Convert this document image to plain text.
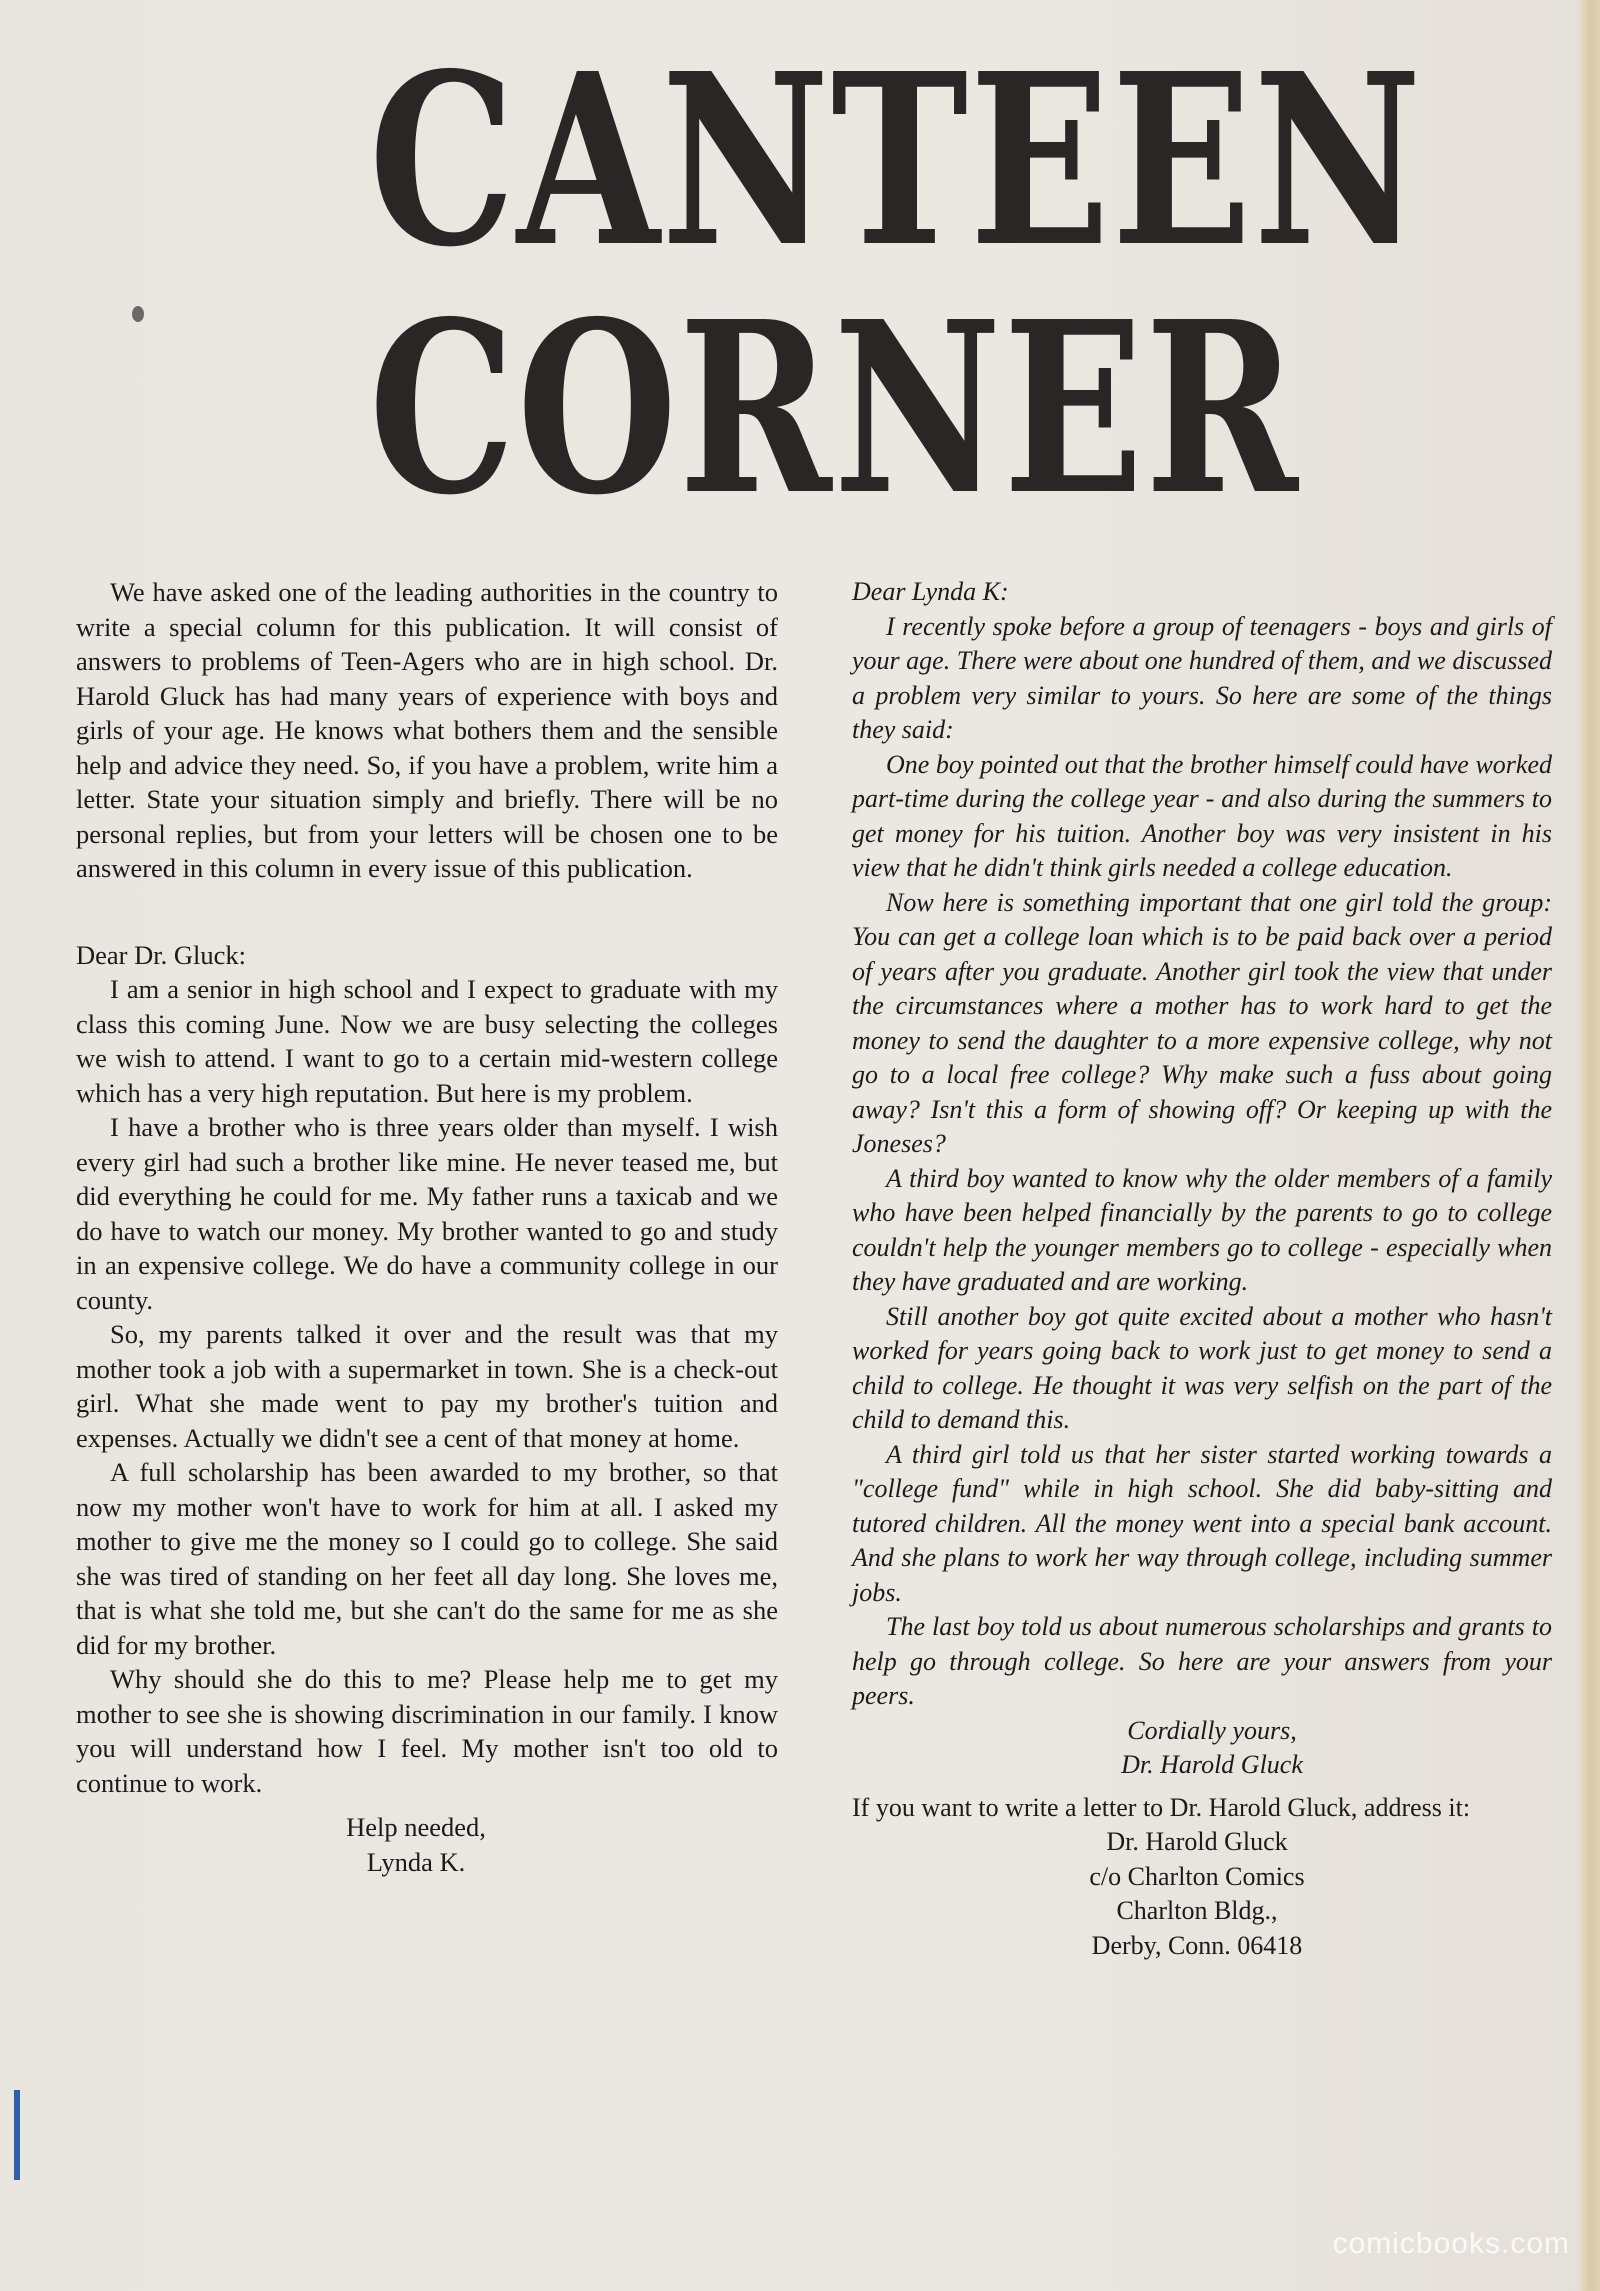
CANTEEN
CORNER

We have asked one of the leading authorities in the country to write a special column for this publication. It will consist of answers to problems of Teen-Agers who are in high school. Dr. Harold Gluck has had many years of experience with boys and girls of your age. He knows what bothers them and the sensible help and advice they need. So, if you have a problem, write him a letter. State your situation simply and briefly. There will be no personal replies, but from your letters will be chosen one to be answered in this column in every issue of this publication.

Dear Dr. Gluck:

I am a senior in high school and I expect to graduate with my class this coming June. Now we are busy selecting the colleges we wish to attend. I want to go to a certain mid-western college which has a very high reputation. But here is my problem.

I have a brother who is three years older than myself. I wish every girl had such a brother like mine. He never teased me, but did everything he could for me. My father runs a taxicab and we do have to watch our money. My brother wanted to go and study in an expensive college. We do have a community college in our county.

So, my parents talked it over and the result was that my mother took a job with a supermarket in town. She is a check-out girl. What she made went to pay my brother's tuition and expenses. Actually we didn't see a cent of that money at home.

A full scholarship has been awarded to my brother, so that now my mother won't have to work for him at all. I asked my mother to give me the money so I could go to college. She said she was tired of standing on her feet all day long. She loves me, that is what she told me, but she can't do the same for me as she did for my brother.

Why should she do this to me? Please help me to get my mother to see she is showing discrimination in our family. I know you will understand how I feel. My mother isn't too old to continue to work.

Help needed,

Lynda K.

Dear Lynda K:

I recently spoke before a group of teenagers - boys and girls of your age. There were about one hundred of them, and we discussed a problem very similar to yours. So here are some of the things they said:

One boy pointed out that the brother himself could have worked part-time during the college year - and also during the summers to get money for his tuition. Another boy was very insistent in his view that he didn't think girls needed a college education.

Now here is something important that one girl told the group: You can get a college loan which is to be paid back over a period of years after you graduate. Another girl took the view that under the circumstances where a mother has to work hard to get the money to send the daughter to a more expensive college, why not go to a local free college? Why make such a fuss about going away? Isn't this a form of showing off? Or keeping up with the Joneses?

A third boy wanted to know why the older members of a family who have been helped financially by the parents to go to college couldn't help the younger members go to college - especially when they have graduated and are working.

Still another boy got quite excited about a mother who hasn't worked for years going back to work just to get money to send a child to college. He thought it was very selfish on the part of the child to demand this.

A third girl told us that her sister started working towards a "college fund" while in high school. She did baby-sitting and tutored children. All the money went into a special bank account. And she plans to work her way through college, including summer jobs.

The last boy told us about numerous scholarships and grants to help go through college. So here are your answers from your peers.

Cordially yours,

Dr. Harold Gluck

If you want to write a letter to Dr. Harold Gluck, address it:

Dr. Harold Gluck

c/o Charlton Comics

Charlton Bldg.,

Derby, Conn. 06418

comicbooks.com
